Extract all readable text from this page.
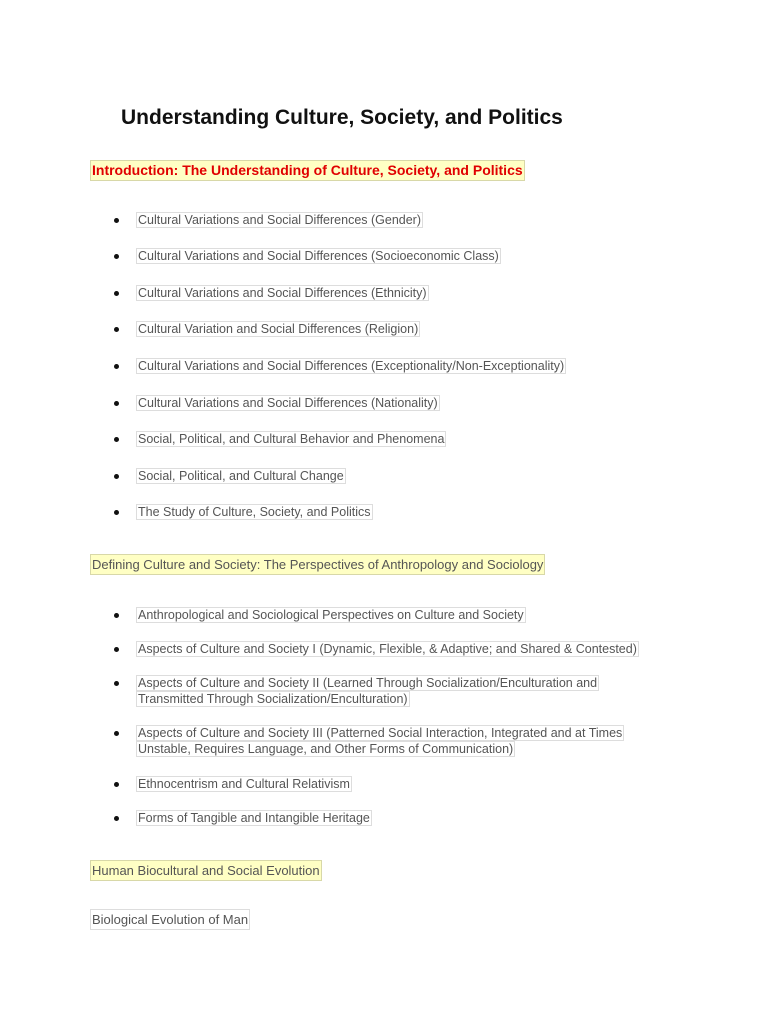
Understanding Culture, Society, and Politics

Introduction: The Understanding of Culture, Society, and Politics

Cultural Variations and Social Differences (Gender)
Cultural Variations and Social Differences (Socioeconomic Class)
Cultural Variations and Social Differences (Ethnicity)
Cultural Variation and Social Differences (Religion)
Cultural Variations and Social Differences (Exceptionality/Non-Exceptionality)
Cultural Variations and Social Differences (Nationality)
Social, Political, and Cultural Behavior and Phenomena
Social, Political, and Cultural Change
The Study of Culture, Society, and Politics

Defining Culture and Society: The Perspectives of Anthropology and Sociology

Anthropological and Sociological Perspectives on Culture and Society
Aspects of Culture and Society I (Dynamic, Flexible, & Adaptive; and Shared & Contested)
Aspects of Culture and Society II (Learned Through Socialization/Enculturation and Transmitted Through Socialization/Enculturation)
Aspects of Culture and Society III (Patterned Social Interaction, Integrated and at Times Unstable, Requires Language, and Other Forms of Communication)
Ethnocentrism and Cultural Relativism
Forms of Tangible and Intangible Heritage

Human Biocultural and Social Evolution

Biological Evolution of Man
